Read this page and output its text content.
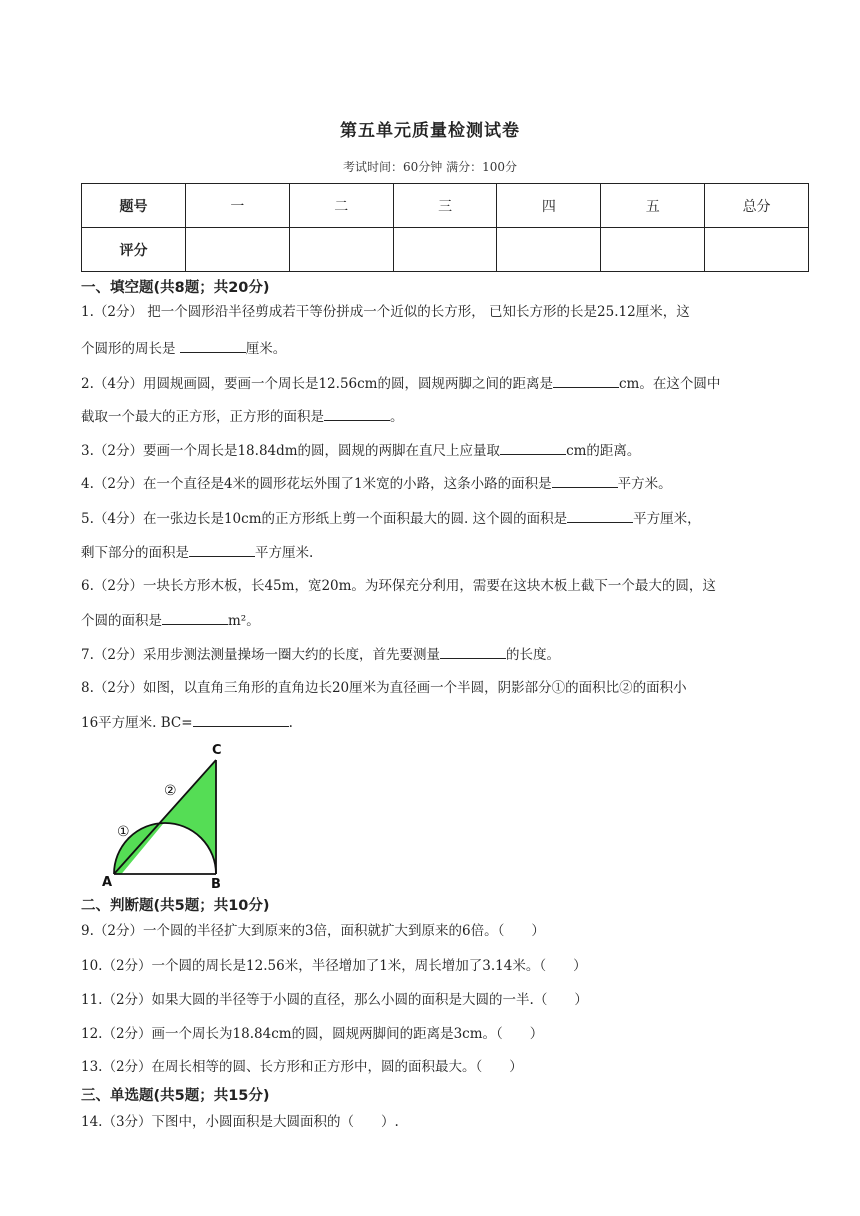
第五单元质量检测试卷
考试时间：60分钟 满分：100分
题号	一	二	三	四	五	总分
评分						
一、填空题(共8题；共20分)
1.（2分） 把一个圆形沿半径剪成若干等份拼成一个近似的长方形， 已知长方形的长是25.12厘米，这
个圆形的周长是	厘米。
2.（4分）用圆规画圆，要画一个周长是12.56cm的圆，圆规两脚之间的距离是	cm。在这个圆中
截取一个最大的正方形，正方形的面积是	。
3.（2分）要画一个周长是18.84dm的圆，圆规的两脚在直尺上应量取	cm的距离。
4.（2分）在一个直径是4米的圆形花坛外围了1米宽的小路，这条小路的面积是	平方米。
5.（4分）在一张边长是10cm的正方形纸上剪一个面积最大的圆. 这个圆的面积是	平方厘米，
剩下部分的面积是	平方厘米.
6.（2分）一块长方形木板，长45m，宽20m。为环保充分利用，需要在这块木板上截下一个最大的圆，这
个圆的面积是	m²。
7.（2分）采用步测法测量操场一圈大约的长度，首先要测量	的长度。
8.（2分）如图，以直角三角形的直角边长20厘米为直径画一个半圆，阴影部分①的面积比②的面积小
16平方厘米. BC=	.
C
A	B
①
②
二、判断题(共5题；共10分)
9.（2分）一个圆的半径扩大到原来的3倍，面积就扩大到原来的6倍。（　　）
10.（2分）一个圆的周长是12.56米，半径增加了1米，周长增加了3.14米。（　　）
11.（2分）如果大圆的半径等于小圆的直径，那么小圆的面积是大圆的一半.（　　）
12.（2分）画一个周长为18.84cm的圆，圆规两脚间的距离是3cm。（　　）
13.（2分）在周长相等的圆、长方形和正方形中，圆的面积最大。（　　）
三、单选题(共5题；共15分)
14.（3分）下图中，小圆面积是大圆面积的（　　）.
